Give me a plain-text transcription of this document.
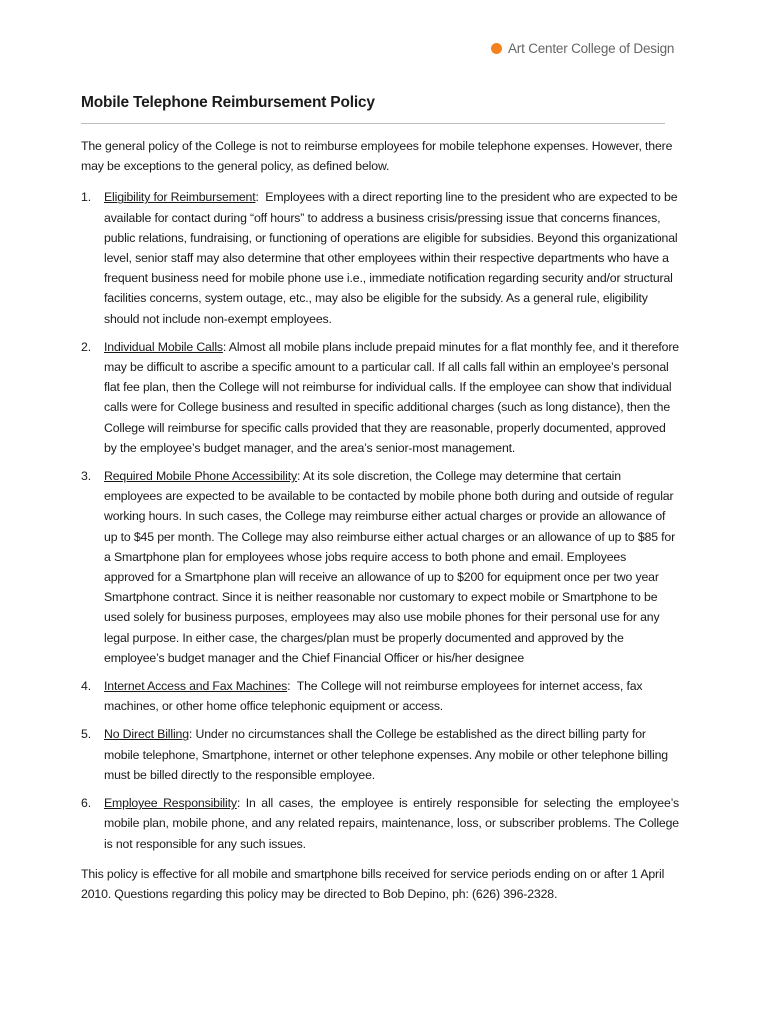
Art Center College of Design
Mobile Telephone Reimbursement Policy

The general policy of the College is not to reimburse employees for mobile telephone expenses. However, there may be exceptions to the general policy, as defined below.

1.	Eligibility for Reimbursement:  Employees with a direct reporting line to the president who are expected to be available for contact during “off hours” to address a business crisis/pressing issue that concerns finances, public relations, fundraising, or functioning of operations are eligible for subsidies. Beyond this organizational level, senior staff may also determine that other employees within their respective departments who have a frequent business need for mobile phone use i.e., immediate notification regarding security and/or structural facilities concerns, system outage, etc., may also be eligible for the subsidy. As a general rule, eligibility should not include non-exempt employees.
2.	Individual Mobile Calls: Almost all mobile plans include prepaid minutes for a flat monthly fee, and it therefore may be difficult to ascribe a specific amount to a particular call. If all calls fall within an employee’s personal flat fee plan, then the College will not reimburse for individual calls. If the employee can show that individual calls were for College business and resulted in specific additional charges (such as long distance), then the College will reimburse for specific calls provided that they are reasonable, properly documented, approved by the employee’s budget manager, and the area’s senior-most management.
3.	Required Mobile Phone Accessibility: At its sole discretion, the College may determine that certain employees are expected to be available to be contacted by mobile phone both during and outside of regular working hours. In such cases, the College may reimburse either actual charges or provide an allowance of up to $45 per month. The College may also reimburse either actual charges or an allowance of up to $85 for a Smartphone plan for employees whose jobs require access to both phone and email. Employees approved for a Smartphone plan will receive an allowance of up to $200 for equipment once per two year Smartphone contract. Since it is neither reasonable nor customary to expect mobile or Smartphone to be used solely for business purposes, employees may also use mobile phones for their personal use for any legal purpose. In either case, the charges/plan must be properly documented and approved by the employee’s budget manager and the Chief Financial Officer or his/her designee
4.	Internet Access and Fax Machines:  The College will not reimburse employees for internet access, fax machines, or other home office telephonic equipment or access.
5.	No Direct Billing: Under no circumstances shall the College be established as the direct billing party for mobile telephone, Smartphone, internet or other telephone expenses. Any mobile or other telephone billing must be billed directly to the responsible employee.
6.	Employee Responsibility: In all cases, the employee is entirely responsible for selecting the employee’s mobile plan, mobile phone, and any related repairs, maintenance, loss, or subscriber problems. The College is not responsible for any such issues.

This policy is effective for all mobile and smartphone bills received for service periods ending on or after 1 April 2010. Questions regarding this policy may be directed to Bob Depino, ph: (626) 396-2328.
